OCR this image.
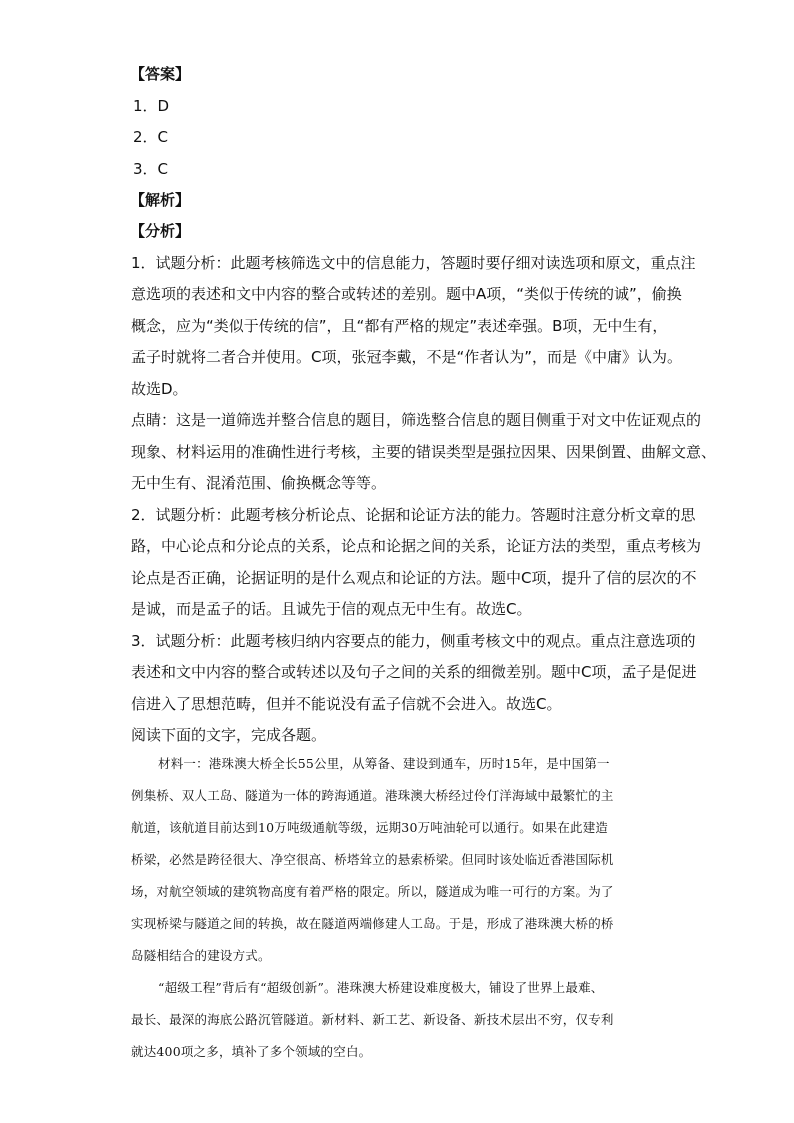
【答案】
1．D
2．C
3．C
【解析】
【分析】
1．试题分析：此题考核筛选文中的信息能力，答题时要仔细对读选项和原文，重点注
意选项的表述和文中内容的整合或转述的差别。题中A项，“类似于传统的诚”，偷换
概念，应为“类似于传统的信”，且“都有严格的规定”表述牵强。B项，无中生有，
孟子时就将二者合并使用。C项，张冠李戴，不是“作者认为”，而是《中庸》认为。
故选D。
点睛：这是一道筛选并整合信息的题目，筛选整合信息的题目侧重于对文中佐证观点的
现象、材料运用的准确性进行考核，主要的错误类型是强拉因果、因果倒置、曲解文意、
无中生有、混淆范围、偷换概念等等。
2．试题分析：此题考核分析论点、论据和论证方法的能力。答题时注意分析文章的思
路，中心论点和分论点的关系，论点和论据之间的关系，论证方法的类型，重点考核为
论点是否正确，论据证明的是什么观点和论证的方法。题中C项，提升了信的层次的不
是诚，而是孟子的话。且诚先于信的观点无中生有。故选C。
3．试题分析：此题考核归纳内容要点的能力，侧重考核文中的观点。重点注意选项的
表述和文中内容的整合或转述以及句子之间的关系的细微差别。题中C项，孟子是促进
信进入了思想范畴，但并不能说没有孟子信就不会进入。故选C。
阅读下面的文字，完成各题。
材料一：港珠澳大桥全长55公里，从筹备、建设到通车，历时15年，是中国第一
例集桥、双人工岛、隧道为一体的跨海通道。港珠澳大桥经过伶仃洋海域中最繁忙的主
航道，该航道目前达到10万吨级通航等级，远期30万吨油轮可以通行。如果在此建造
桥梁，必然是跨径很大、净空很高、桥塔耸立的悬索桥梁。但同时该处临近香港国际机
场，对航空领域的建筑物高度有着严格的限定。所以，隧道成为唯一可行的方案。为了
实现桥梁与隧道之间的转换，故在隧道两端修建人工岛。于是，形成了港珠澳大桥的桥
岛隧相结合的建设方式。
“超级工程”背后有“超级创新”。港珠澳大桥建设难度极大，铺设了世界上最难、
最长、最深的海底公路沉管隧道。新材料、新工艺、新设备、新技术层出不穷，仅专利
就达400项之多，填补了多个领域的空白。
